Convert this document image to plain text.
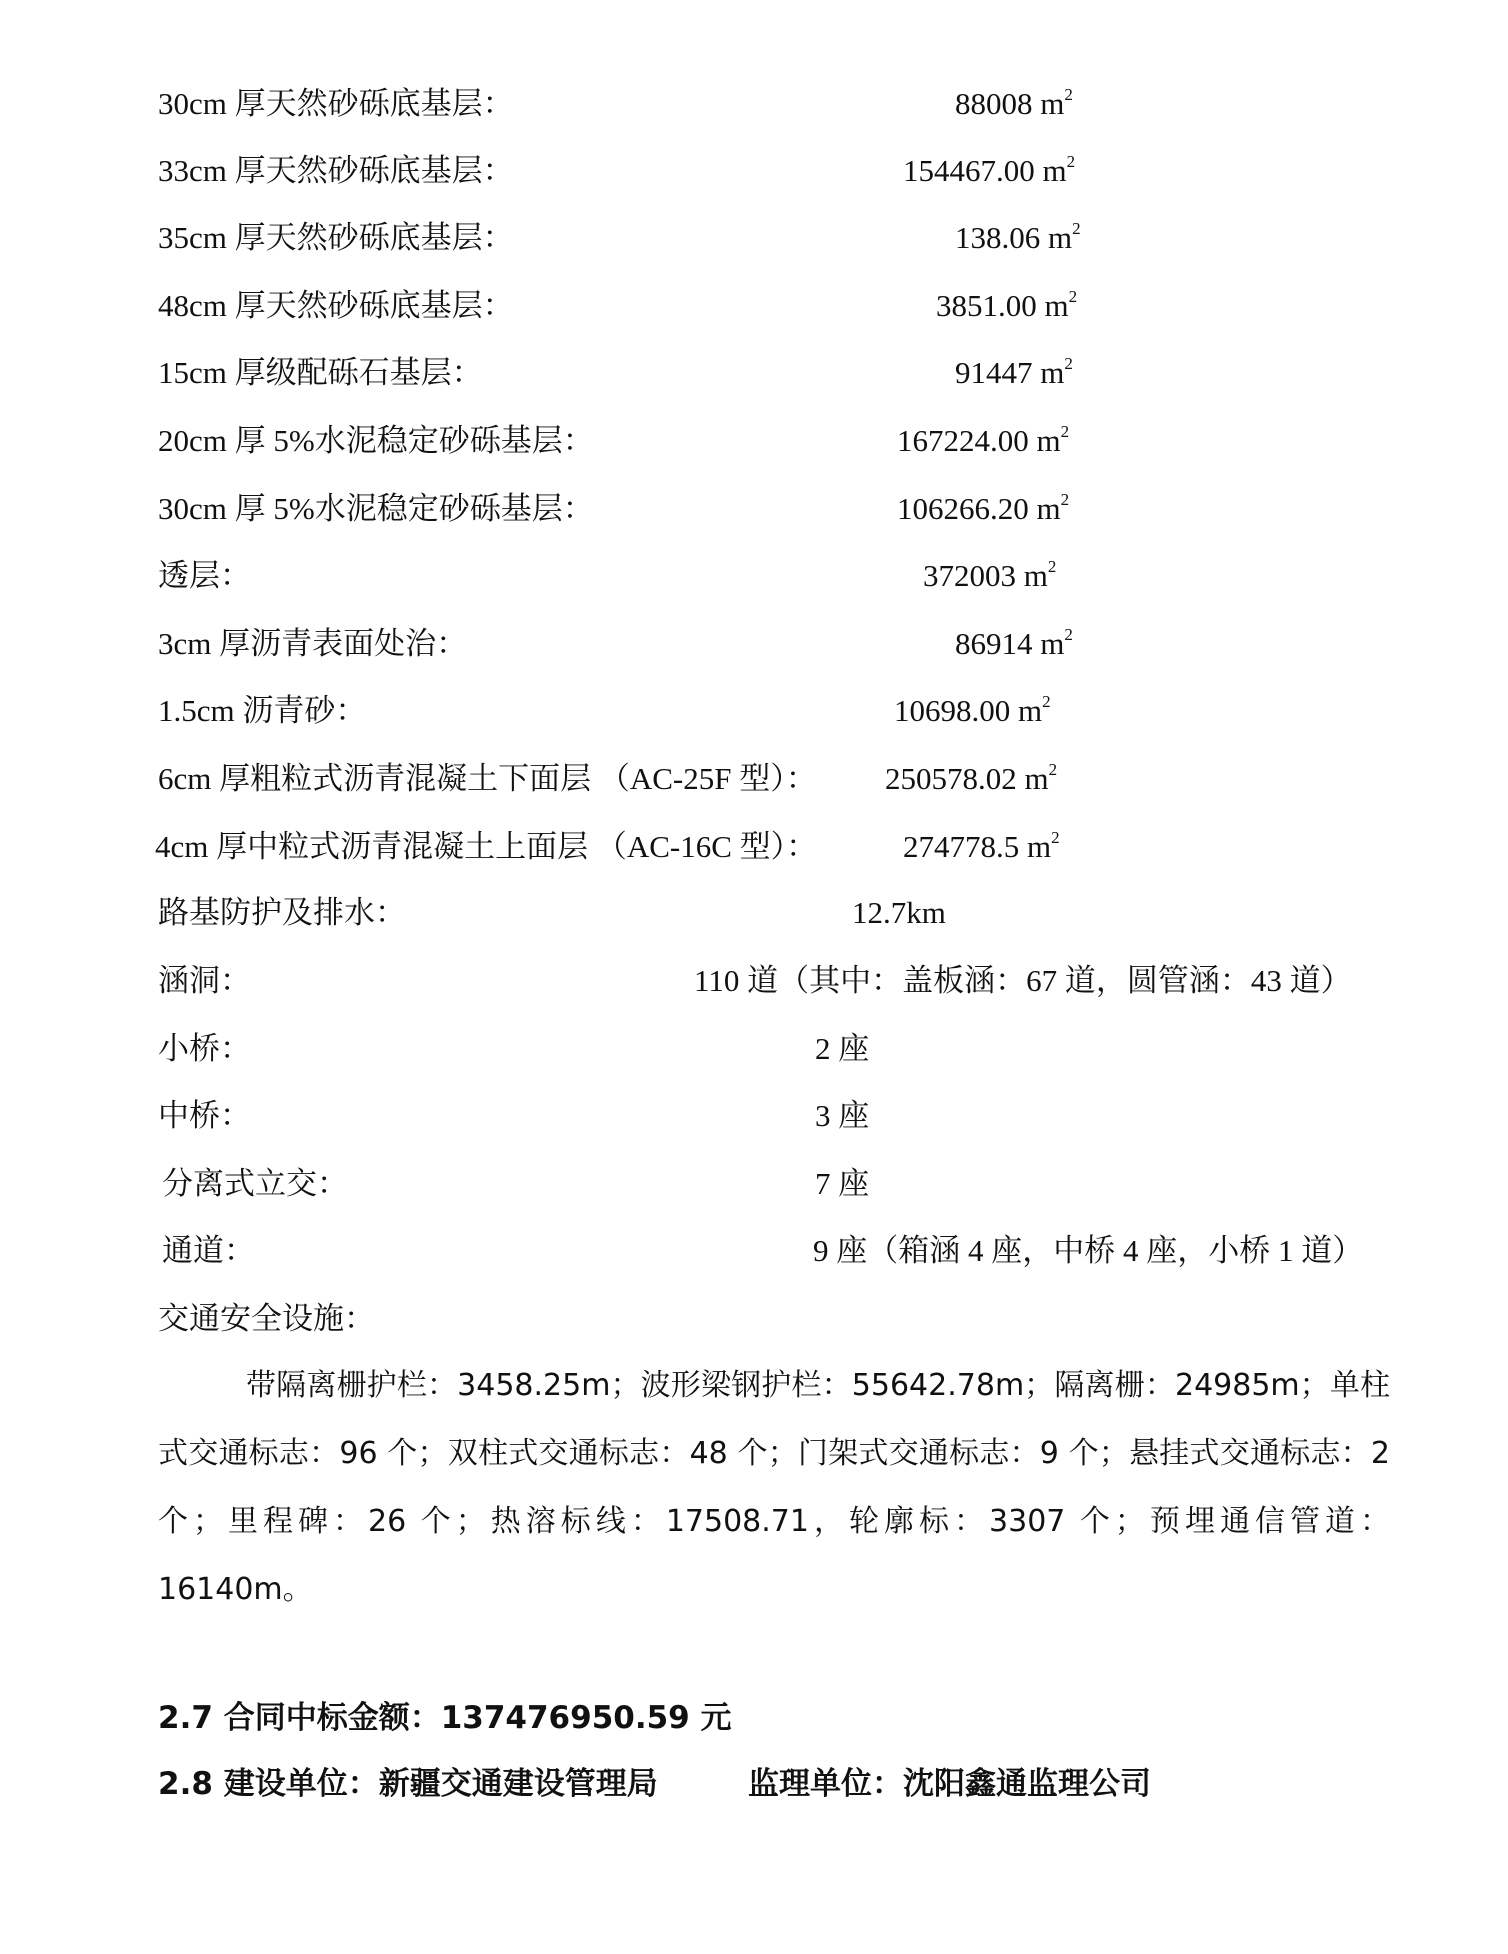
30cm 厚天然砂砾底基层：	88008 $m^2$
33cm 厚天然砂砾底基层：	154467.00 $m^2$
35cm 厚天然砂砾底基层：	138.06 $m^2$
48cm 厚天然砂砾底基层：	3851.00 $m^2$
15cm 厚级配砾石基层：	91447 $m^2$
20cm 厚 5%水泥稳定砂砾基层：	167224.00 $m^2$
30cm 厚 5%水泥稳定砂砾基层：	106266.20 $m^2$
透层：	372003 $m^2$
3cm 厚沥青表面处治：	86914 $m^2$
1.5cm 沥青砂：	10698.00 $m^2$
6cm 厚粗粒式沥青混凝土下面层 （AC-25F 型）： 250578.02 $m^2$
4cm 厚中粒式沥青混凝土上面层 （AC-16C 型）：	274778.5 $m^2$
路基防护及排水：	12.7km
涵洞：	110 道（其中：盖板涵：67 道，圆管涵：43 道）
小桥：	2 座
中桥：	3 座
分离式立交：	7 座
通道：	9 座（箱涵 4 座，中桥 4 座，小桥 1 道）
交通安全设施：
带隔离栅护栏：3458.25m；波形梁钢护栏：55642.78m；隔离栅：24985m；单柱式交通标志：96 个；双柱式交通标志：48 个；门架式交通标志：9 个；悬挂式交通标志：2 个；里程碑：26 个；热溶标线：17508.71，轮廓标：3307 个；预埋通信管道：16140m。
2.7 合同中标金额：137476950.59 元
2.8 建设单位：新疆交通建设管理局	监理单位：沈阳鑫通监理公司
